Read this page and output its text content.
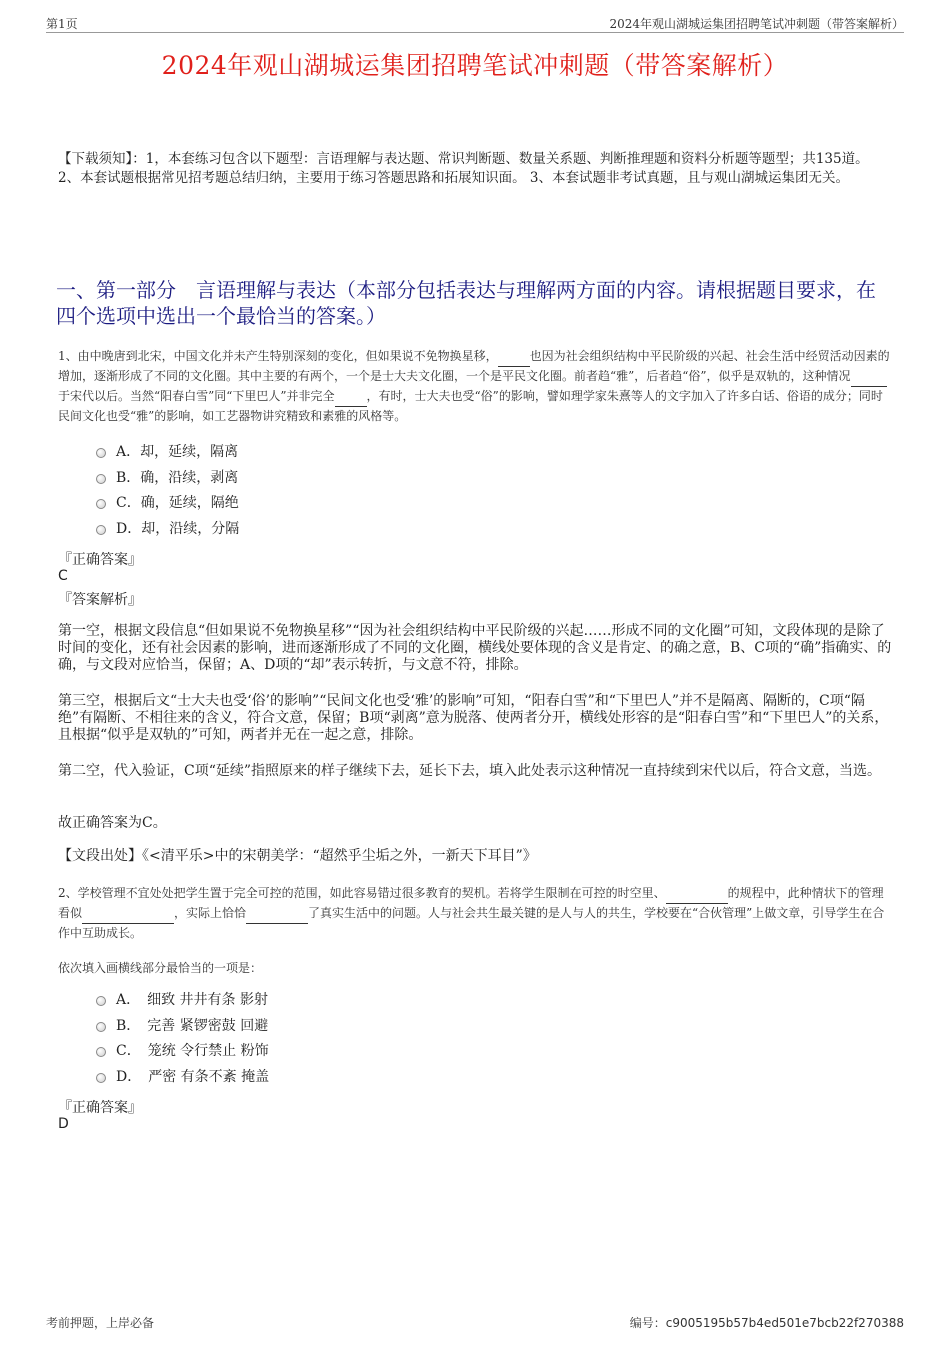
第1页	2024年观山湖城运集团招聘笔试冲刺题（带答案解析）
2024年观山湖城运集团招聘笔试冲刺题（带答案解析）
【下载须知】：1，本套练习包含以下题型：言语理解与表达题、常识判断题、数量关系题、判断推理题和资料分析题等题型；共135道。 2、本套试题根据常见招考题总结归纳，主要用于练习答题思路和拓展知识面。 3、本套试题非考试真题，且与观山湖城运集团无关。
一、第一部分　言语理解与表达（本部分包括表达与理解两方面的内容。请根据题目要求，在四个选项中选出一个最恰当的答案。）
1、由中晚唐到北宋，中国文化并未产生特别深刻的变化，但如果说不免物换星移，	也因为社会组织结构中平民阶级的兴起、社会生活中经贸活动因素的增加，逐渐形成了不同的文化圈。其中主要的有两个，一个是士大夫文化圈，一个是平民文化圈。前者趋“雅”，后者趋“俗”，似乎是双轨的，这种情况 于宋代以后。当然“阳春白雪”同“下里巴人”并非完全	，有时，士大夫也受“俗”的影响，譬如理学家朱熹等人的文字加入了许多白话、俗语的成分；同时民间文化也受“雅”的影响，如工艺器物讲究精致和素雅的风格等。
A．却，延续，隔离
B．确，沿续，剥离
C．确，延续，隔绝
D．却，沿续，分隔
『正确答案』
C
『答案解析』
第一空，根据文段信息“但如果说不免物换星移”“因为社会组织结构中平民阶级的兴起……形成不同的文化圈”可知，文段体现的是除了时间的变化，还有社会因素的影响，进而逐渐形成了不同的文化圈，横线处要体现的含义是肯定、的确之意，B、C项的“确”指确实、的确，与文段对应恰当，保留；A、D项的“却”表示转折，与文意不符，排除。
第三空，根据后文“士大夫也受‘俗’的影响”“民间文化也受‘雅’的影响”可知，“阳春白雪”和“下里巴人”并不是隔离、隔断的，C项“隔绝”有隔断、不相往来的含义，符合文意，保留；B项“剥离”意为脱落、使两者分开，横线处形容的是“阳春白雪”和“下里巴人”的关系，且根据“似乎是双轨的”可知，两者并无在一起之意，排除。
第二空，代入验证，C项“延续”指照原来的样子继续下去，延长下去，填入此处表示这种情况一直持续到宋代以后，符合文意，当选。
故正确答案为C。
【文段出处】《<清平乐>中的宋朝美学：“超然乎尘垢之外，一新天下耳目”》
2、学校管理不宜处处把学生置于完全可控的范围，如此容易错过很多教育的契机。若将学生限制在可控的时空里、	的规程中，此种情状下的管理看似	，实际上恰恰	了真实生活中的问题。人与社会共生最关键的是人与人的共生，学校要在“合伙管理”上做文章，引导学生在合作中互助成长。
依次填入画横线部分最恰当的一项是：
A．　细致 井井有条 影射
B．　完善 紧锣密鼓 回避
C．　笼统 令行禁止 粉饰
D．　严密 有条不紊 掩盖
『正确答案』
D
考前押题，上岸必备	编号：c9005195b57b4ed501e7bcb22f270388
